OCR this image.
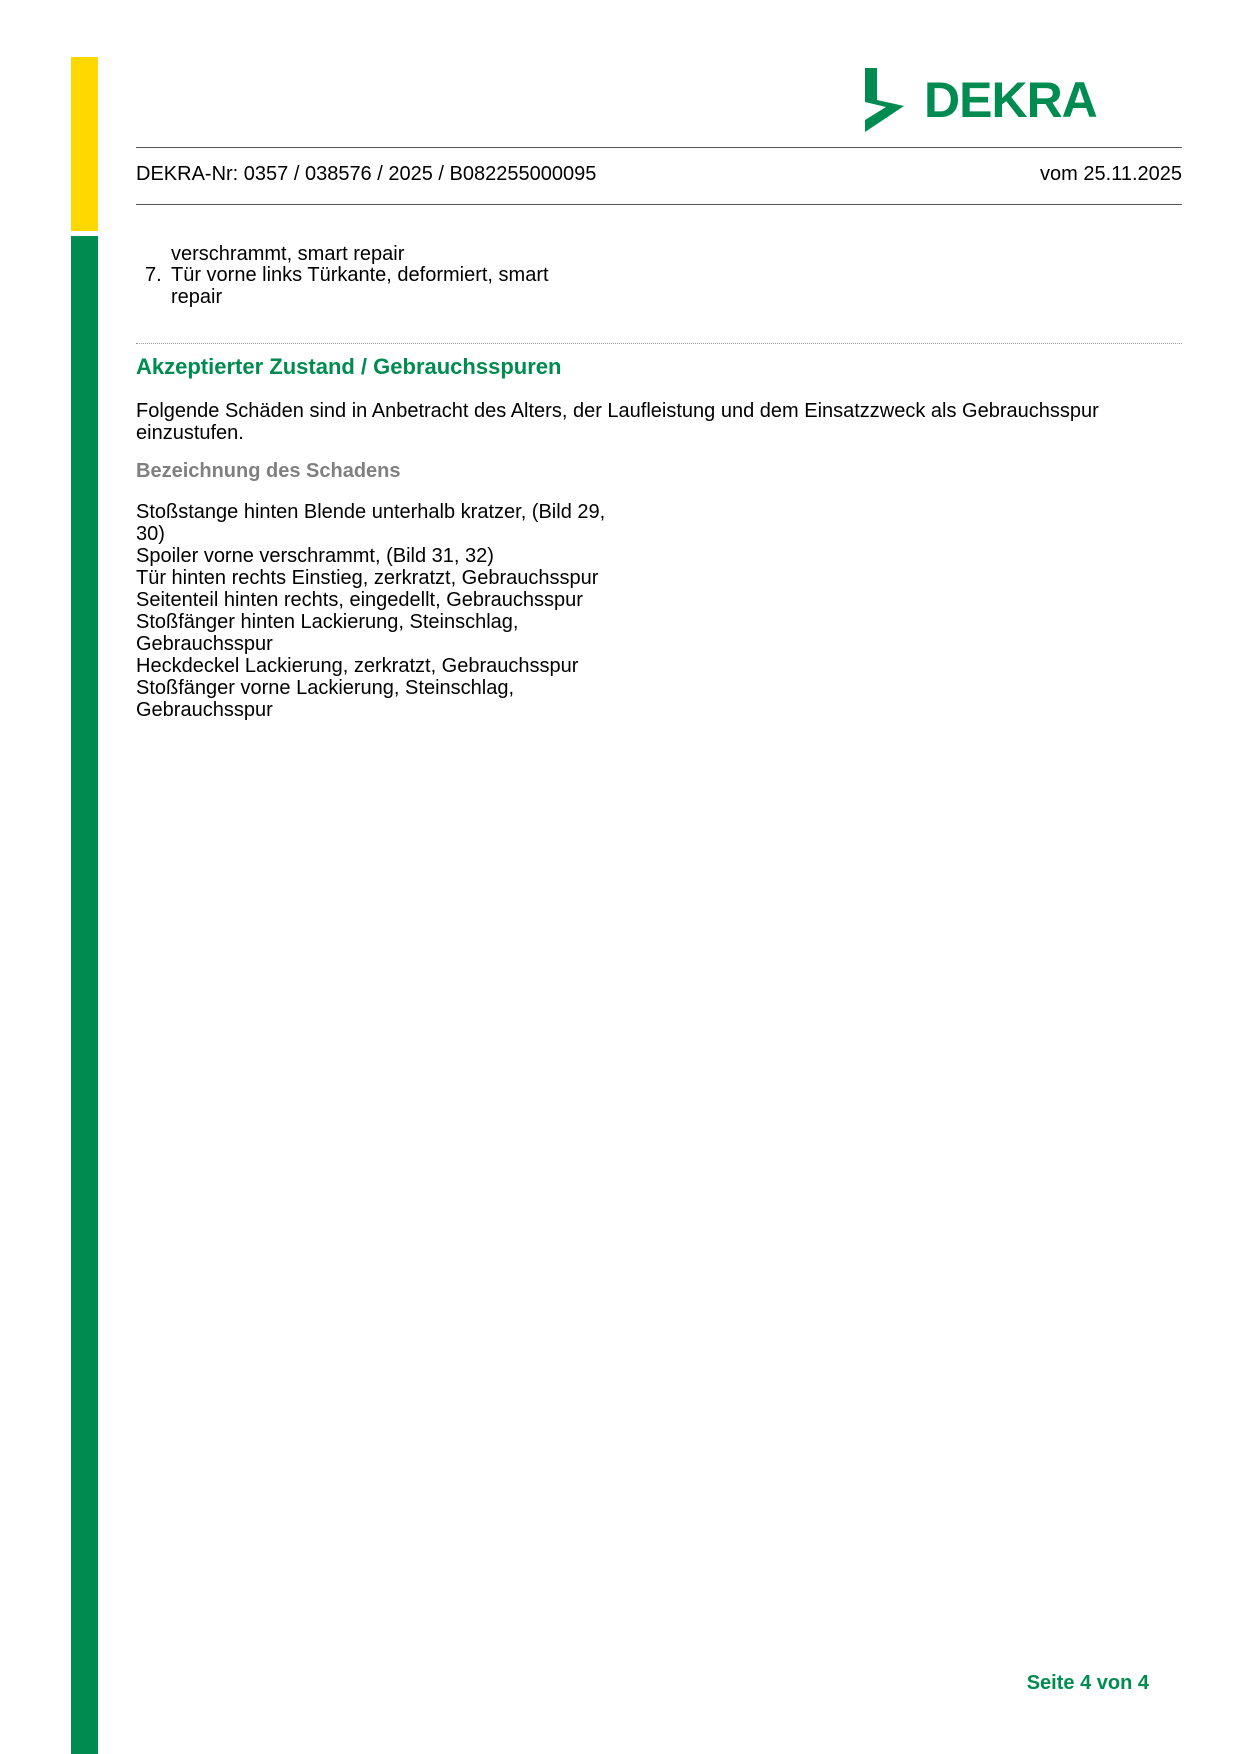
DEKRA
DEKRA-Nr: 0357 / 038576 / 2025 / B082255000095	vom 25.11.2025
verschrammt, smart repair
7. Tür vorne links Türkante, deformiert, smart repair
Akzeptierter Zustand / Gebrauchsspuren
Folgende Schäden sind in Anbetracht des Alters, der Laufleistung und dem Einsatzzweck als Gebrauchsspur einzustufen.
Bezeichnung des Schadens
Stoßstange hinten Blende unterhalb kratzer, (Bild 29, 30)
Spoiler vorne verschrammt, (Bild 31, 32)
Tür hinten rechts Einstieg, zerkratzt, Gebrauchsspur
Seitenteil hinten rechts, eingedellt, Gebrauchsspur
Stoßfänger hinten Lackierung, Steinschlag, Gebrauchsspur
Heckdeckel Lackierung, zerkratzt, Gebrauchsspur
Stoßfänger vorne Lackierung, Steinschlag, Gebrauchsspur
Seite 4 von 4
